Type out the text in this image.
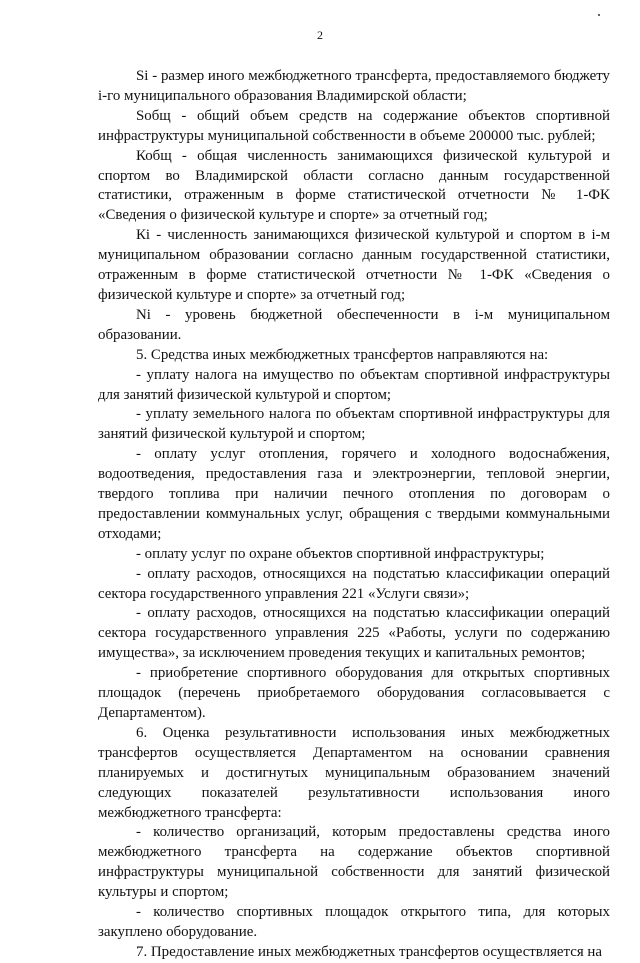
2

Si - размер иного межбюджетного трансферта, предоставляемого бюджету i-го муниципального образования Владимирской области;

Sобщ - общий объем средств на содержание объектов спортивной инфраструктуры муниципальной собственности в объеме 200000 тыс. рублей;

Кобщ - общая численность занимающихся физической культурой и спортом во Владимирской области согласно данным государственной статистики, отраженным в форме статистической отчетности № 1-ФК «Сведения о физической культуре и спорте» за отчетный год;

Кi - численность занимающихся физической культурой и спортом в i-м муниципальном образовании согласно данным государственной статистики, отраженным в форме статистической отчетности № 1-ФК «Сведения о физической культуре и спорте» за отчетный год;

Ni - уровень бюджетной обеспеченности в i-м муниципальном образовании.

5. Средства иных межбюджетных трансфертов направляются на:

- уплату налога на имущество по объектам спортивной инфраструктуры для занятий физической культурой и спортом;

- уплату земельного налога по объектам спортивной инфраструктуры для занятий физической культурой и спортом;

- оплату услуг отопления, горячего и холодного водоснабжения, водоотведения, предоставления газа и электроэнергии, тепловой энергии, твердого топлива при наличии печного отопления по договорам о предоставлении коммунальных услуг, обращения с твердыми коммунальными отходами;

- оплату услуг по охране объектов спортивной инфраструктуры;

- оплату расходов, относящихся на подстатью классификации операций сектора государственного управления 221 «Услуги связи»;

- оплату расходов, относящихся на подстатью классификации операций сектора государственного управления 225 «Работы, услуги по содержанию имущества», за исключением проведения текущих и капитальных ремонтов;

- приобретение спортивного оборудования для открытых спортивных площадок (перечень приобретаемого оборудования согласовывается с Департаментом).

6. Оценка результативности использования иных межбюджетных трансфертов осуществляется Департаментом на основании сравнения планируемых и достигнутых муниципальным образованием значений следующих показателей результативности использования иного межбюджетного трансферта:

- количество организаций, которым предоставлены средства иного межбюджетного трансферта на содержание объектов спортивной инфраструктуры муниципальной собственности для занятий физической культуры и спортом;

- количество спортивных площадок открытого типа, для которых закуплено оборудование.

7. Предоставление иных межбюджетных трансфертов осуществляется на
